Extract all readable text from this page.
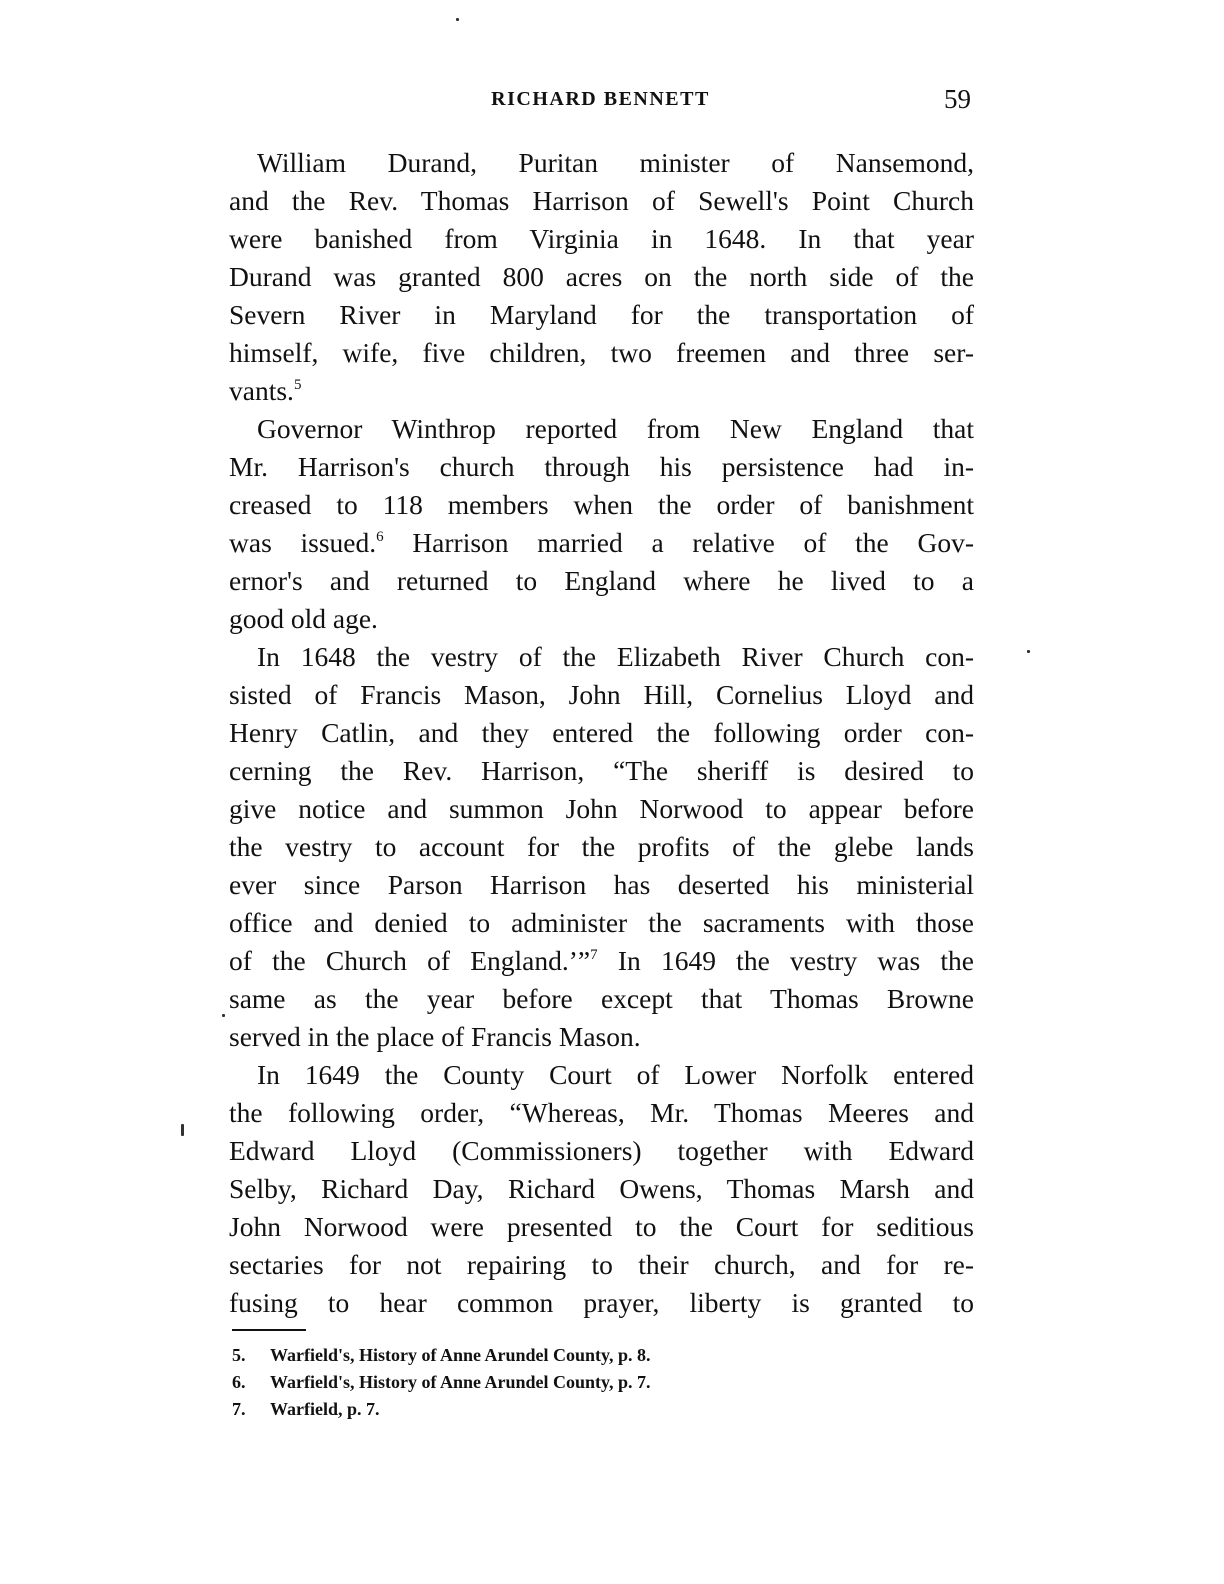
RICHARD BENNETT	59
William Durand, Puritan minister of Nansemond,
and the Rev. Thomas Harrison of Sewell's Point Church
were banished from Virginia in 1648. In that year
Durand was granted 800 acres on the north side of the
Severn River in Maryland for the transportation of
himself, wife, five children, two freemen and three ser-
vants.$^5$
Governor Winthrop reported from New England that
Mr. Harrison's church through his persistence had in-
creased to 118 members when the order of banishment
was issued.$^6$ Harrison married a relative of the Gov-
ernor's and returned to England where he lived to a
good old age.
In 1648 the vestry of the Elizabeth River Church con-
sisted of Francis Mason, John Hill, Cornelius Lloyd and
Henry Catlin, and they entered the following order con-
cerning the Rev. Harrison, “The sheriff is desired to
give notice and summon John Norwood to appear before
the vestry to account for the profits of the glebe lands
ever since Parson Harrison has deserted his ministerial
office and denied to administer the sacraments with those
of the Church of England.’”$^7$ In 1649 the vestry was the
same as the year before except that Thomas Browne
served in the place of Francis Mason.
In 1649 the County Court of Lower Norfolk entered
the following order, “Whereas, Mr. Thomas Meeres and
Edward Lloyd (Commissioners) together with Edward
Selby, Richard Day, Richard Owens, Thomas Marsh and
John Norwood were presented to the Court for seditious
sectaries for not repairing to their church, and for re-
fusing to hear common prayer, liberty is granted to
5. Warfield's, History of Anne Arundel County, p. 8.
6. Warfield's, History of Anne Arundel County, p. 7.
7. Warfield, p. 7.
